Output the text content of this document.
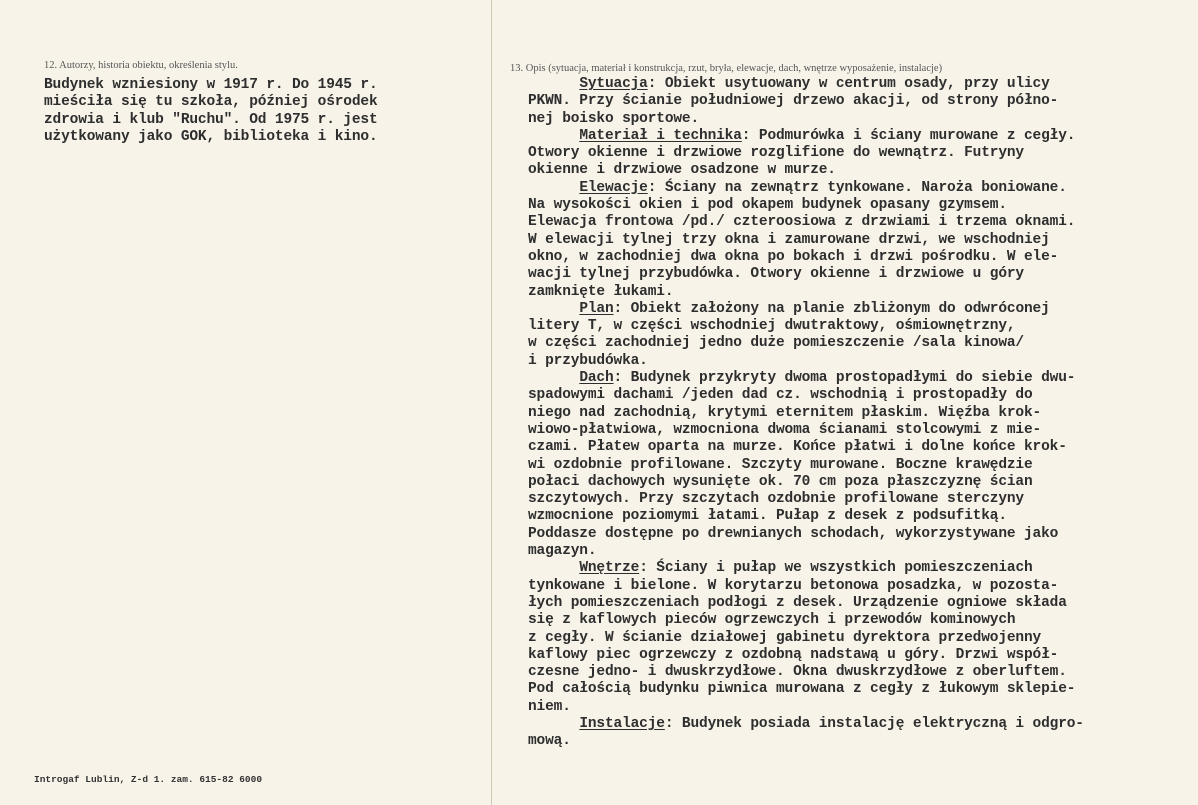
12. Autorzy, historia obiektu, określenia stylu.
Budynek wzniesiony w 1917 r. Do 1945 r.
mieściła się tu szkoła, później ośrodek
zdrowia i klub "Ruchu". Od 1975 r. jest
użytkowany jako GOK, biblioteka i kino.
13. Opis (sytuacja, materiał i konstrukcja, rzut, bryła, elewacje, dach, wnętrze wyposażenie, instalacje)
Sytuacja: Obiekt usytuowany w centrum osady, przy ulicy
PKWN. Przy ścianie południowej drzewo akacji, od strony półno-
nej boisko sportowe.
Materiał i technika: Podmurówka i ściany murowane z cegły.
Otwory okienne i drzwiowe rozglifione do wewnątrz. Futryny
okienne i drzwiowe osadzone w murze.
Elewacje: Ściany na zewnątrz tynkowane. Naroża boniowane.
Na wysokości okien i pod okapem budynek opasany gzymsem.
Elewacja frontowa /pd./ czteroosiowa z drzwiami i trzema oknami.
W elewacji tylnej trzy okna i zamurowane drzwi, we wschodniej
okno, w zachodniej dwa okna po bokach i drzwi pośrodku. W ele-
wacji tylnej przybudówka. Otwory okienne i drzwiowe u góry
zamknięte łukami.
Plan: Obiekt założony na planie zbliżonym do odwróconej
litery T, w części wschodniej dwutraktowy, ośmiownętrzny,
w części zachodniej jedno duże pomieszczenie /sala kinowa/
i przybudówka.
Dach: Budynek przykryty dwoma prostopadłymi do siebie dwu-
spadowymi dachami /jeden dad cz. wschodnią i prostopadły do
niego nad zachodnią, krytymi eternitem płaskim. Więźba krok-
wiowo-płatwiowa, wzmocniona dwoma ścianami stolcowymi z mie-
czami. Płatew oparta na murze. Końce płatwi i dolne końce krok-
wi ozdobnie profilowane. Szczyty murowane. Boczne krawędzie
połaci dachowych wysunięte ok. 70 cm poza płaszczyznę ścian
szczytowych. Przy szczytach ozdobnie profilowane sterczyny
wzmocnione poziomymi łatami. Pułap z desek z podsufitką.
Poddasze dostępne po drewnianych schodach, wykorzystywane jako
magazyn.
Wnętrze: Ściany i pułap we wszystkich pomieszczeniach
tynkowane i bielone. W korytarzu betonowa posadzka, w pozosta-
łych pomieszczeniach podłogi z desek. Urządzenie ogniowe składa
się z kaflowych pieców ogrzewczych i przewodów kominowych
z cegły. W ścianie działowej gabinetu dyrektora przedwojenny
kaflowy piec ogrzewczy z ozdobną nadstawą u góry. Drzwi współ-
czesne jedno- i dwuskrzydłowe. Okna dwuskrzydłowe z oberluftem.
Pod całością budynku piwnica murowana z cegły z łukowym sklepie-
niem.
Instalacje: Budynek posiada instalację elektryczną i odgro-
mową.
Introgaf Lublin, Z-d 1. zam. 615-82 6000
